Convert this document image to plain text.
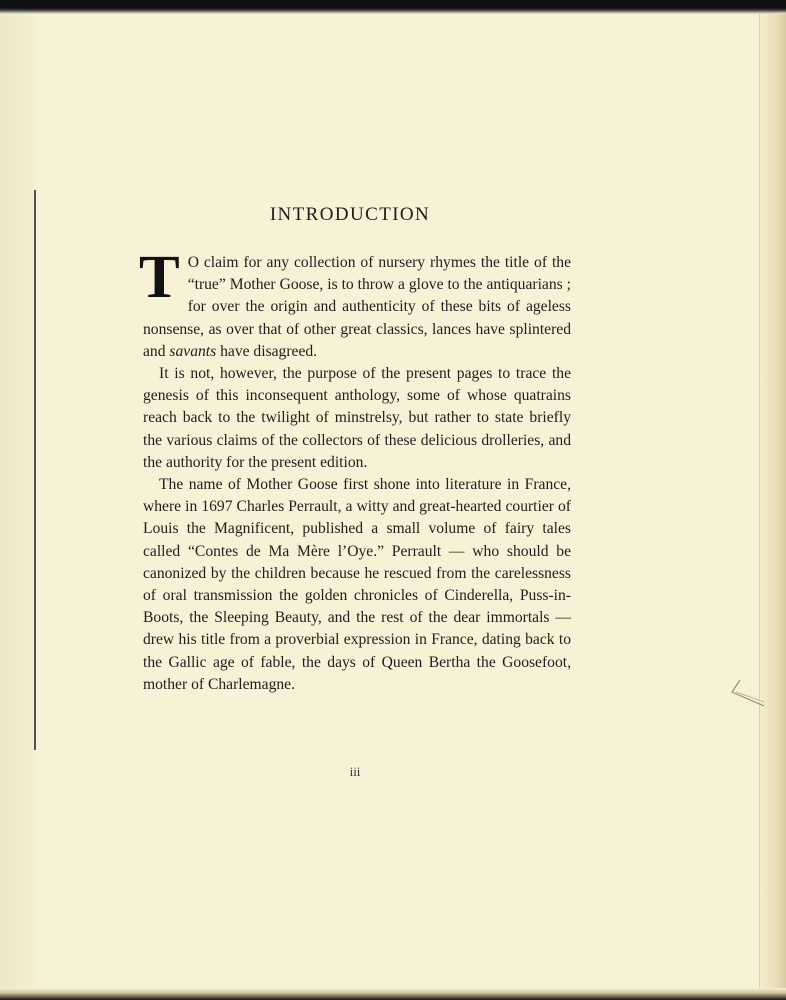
INTRODUCTION

T O claim for any collection of nursery rhymes the title of the “true” Mother Goose, is to throw a glove to the antiquarians ; for over the origin and authenticity of these bits of ageless nonsense, as over that of other great classics, lances have splintered and savants have disagreed.

It is not, however, the purpose of the present pages to trace the genesis of this inconsequent anthology, some of whose quatrains reach back to the twilight of minstrelsy, but rather to state briefly the various claims of the collectors of these delicious drolleries, and the authority for the present edition.

The name of Mother Goose first shone into literature in France, where in 1697 Charles Perrault, a witty and great-hearted courtier of Louis the Magnificent, published a small volume of fairy tales called “Contes de Ma Mère l’Oye.” Perrault — who should be canonized by the children because he rescued from the carelessness of oral transmission the golden chronicles of Cinderella, Puss-in-Boots, the Sleeping Beauty, and the rest of the dear immortals — drew his title from a proverbial expression in France, dating back to the Gallic age of fable, the days of Queen Bertha the Goosefoot, mother of Charlemagne.

iii
